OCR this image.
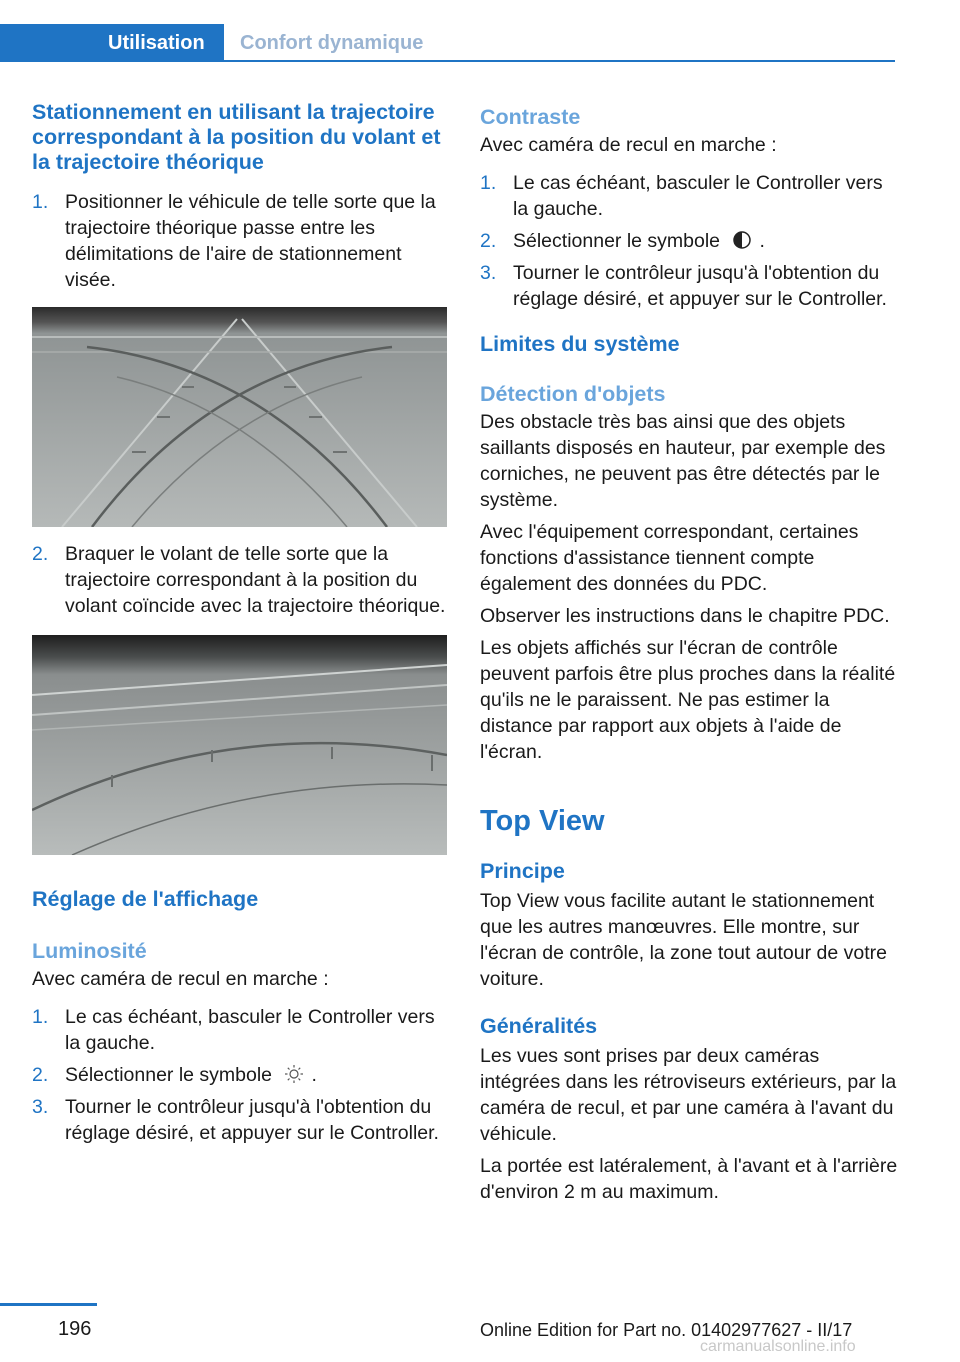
Utilisation	Confort dynamique
Stationnement en utilisant la trajectoire correspondant à la position du volant et la trajectoire théorique
1. Positionner le véhicule de telle sorte que la trajectoire théorique passe entre les délimitations de l'aire de stationnement visée.
2. Braquer le volant de telle sorte que la trajectoire correspondant à la position du volant coïncide avec la trajectoire théorique.
Réglage de l'affichage
Luminosité

Avec caméra de recul en marche :

1. Le cas échéant, basculer le Controller vers la gauche.
2. Sélectionner le symbole .
3. Tourner le contrôleur jusqu'à l'obtention du réglage désiré, et appuyer sur le Controller.
Contraste

Avec caméra de recul en marche :

1. Le cas échéant, basculer le Controller vers la gauche.
2. Sélectionner le symbole .
3. Tourner le contrôleur jusqu'à l'obtention du réglage désiré, et appuyer sur le Controller.
Limites du système
Détection d'objets

Des obstacle très bas ainsi que des objets saillants disposés en hauteur, par exemple des corniches, ne peuvent pas être détectés par le système.

Avec l'équipement correspondant, certaines fonctions d'assistance tiennent compte également des données du PDC.

Observer les instructions dans le chapitre PDC.

Les objets affichés sur l'écran de contrôle peuvent parfois être plus proches dans la réalité qu'ils ne le paraissent. Ne pas estimer la distance par rapport aux objets à l'aide de l'écran.

Top View
Principe

Top View vous facilite autant le stationnement que les autres manœuvres. Elle montre, sur l'écran de contrôle, la zone tout autour de votre voiture.

Généralités

Les vues sont prises par deux caméras intégrées dans les rétroviseurs extérieurs, par la caméra de recul, et par une caméra à l'avant du véhicule.

La portée est latéralement, à l'avant et à l'arrière d'environ 2 m au maximum.

196	Online Edition for Part no. 01402977627 - II/17
carmanualsonline.info
